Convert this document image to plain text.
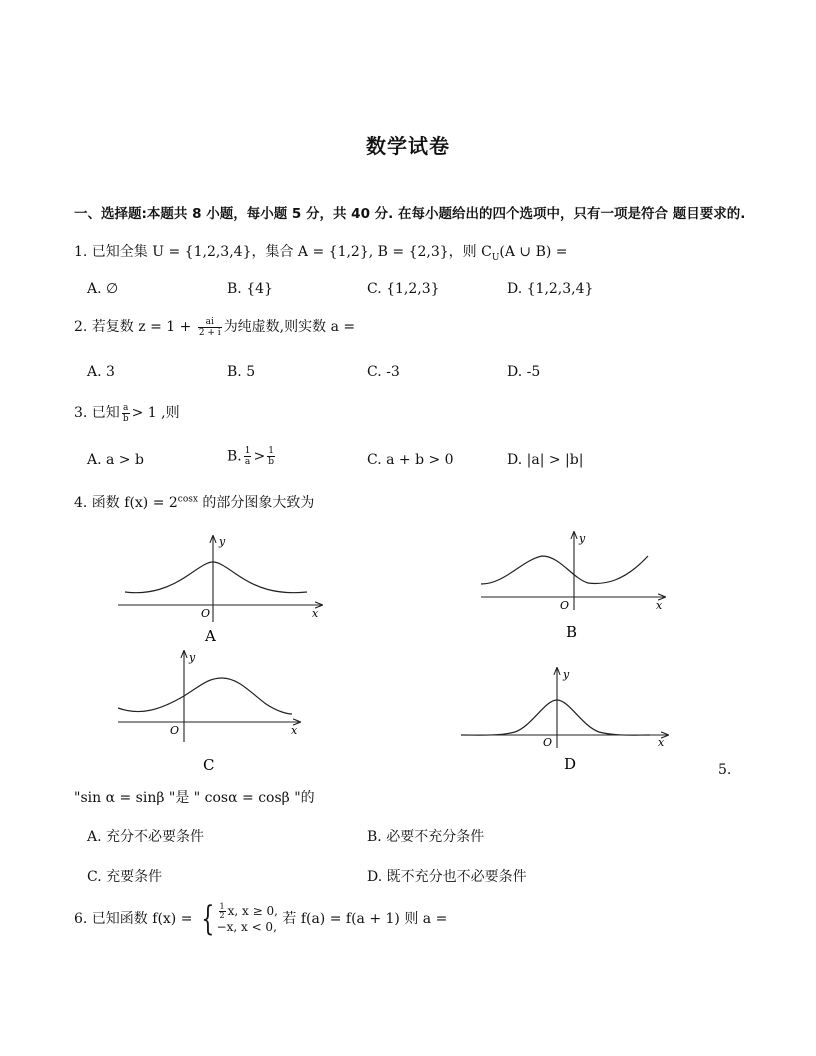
数学试卷
一、选择题:本题共 8 小题，每小题 5 分，共 40 分. 在每小题给出的四个选项中，只有一项是符合 题目要求的.
1. 已知全集 U = {1,2,3,4}，集合 A = {1,2}, B = {2,3}，则 $C_U(A$ ∪ B) =
A. ∅	B. {4}	C. {1,2,3}	D. {1,2,3,4}
2. 若复数 $z = 1 + \frac{ai}{2 + i}$ 为纯虚数,则实数 a =
A. 3	B. 5	C. -3	D. -5
3. 已知 $\frac{a}{b} > 1$ ,则
A. a > b	B. $\frac{1}{a} > \frac{1}{b}$	C. a + b > 0	D. |a| > |b|
4. 函数 $f(x) = 2^{cosx}$ 的部分图象大致为
y
x
O
A
y
x
O
B
y
x
O
C
y
x
O
D	5.
"sin α = sinβ "是 " cosα = cosβ "的
A. 充分不必要条件	B. 必要不充分条件
C. 充要条件	D. 既不充分也不必要条件
6. 已知函数 f(x) = { $\frac{1}{2} x$, x ≥ 0,
−x, x < 0, 若 f(a) = f(a + 1) 则 a =
